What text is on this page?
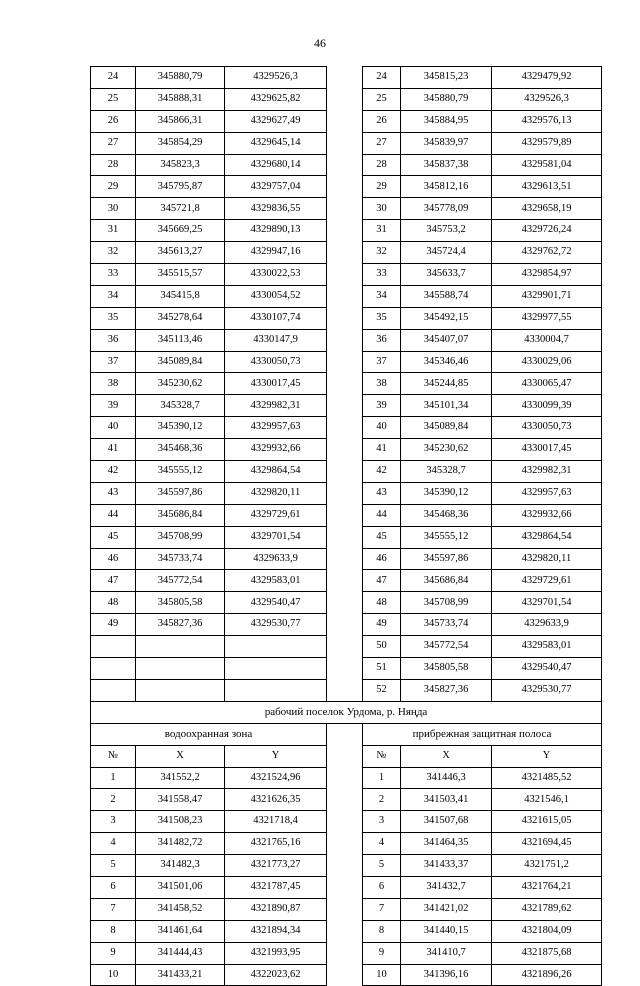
46
24	345880,79	4329526,3		24	345815,23	4329479,92
25	345888,31	4329625,82		25	345880,79	4329526,3
26	345866,31	4329627,49		26	345884,95	4329576,13
27	345854,29	4329645,14		27	345839,97	4329579,89
28	345823,3	4329680,14		28	345837,38	4329581,04
29	345795,87	4329757,04		29	345812,16	4329613,51
30	345721,8	4329836,55		30	345778,09	4329658,19
31	345669,25	4329890,13		31	345753,2	4329726,24
32	345613,27	4329947,16		32	345724,4	4329762,72
33	345515,57	4330022,53		33	345633,7	4329854,97
34	345415,8	4330054,52		34	345588,74	4329901,71
35	345278,64	4330107,74		35	345492,15	4329977,55
36	345113,46	4330147,9		36	345407,07	4330004,7
37	345089,84	4330050,73		37	345346,46	4330029,06
38	345230,62	4330017,45		38	345244,85	4330065,47
39	345328,7	4329982,31		39	345101,34	4330099,39
40	345390,12	4329957,63		40	345089,84	4330050,73
41	345468,36	4329932,66		41	345230,62	4330017,45
42	345555,12	4329864,54		42	345328,7	4329982,31
43	345597,86	4329820,11		43	345390,12	4329957,63
44	345686,84	4329729,61		44	345468,36	4329932,66
45	345708,99	4329701,54		45	345555,12	4329864,54
46	345733,74	4329633,9		46	345597,86	4329820,11
47	345772,54	4329583,01		47	345686,84	4329729,61
48	345805,58	4329540,47		48	345708,99	4329701,54
49	345827,36	4329530,77		49	345733,74	4329633,9
				50	345772,54	4329583,01
				51	345805,58	4329540,47
				52	345827,36	4329530,77
рабочий поселок Урдома, р. Няңда						
водоохранная зона				прибрежная защитная полоса		
№	X	Y		№	X	Y
1	341552,2	4321524,96		1	341446,3	4321485,52
2	341558,47	4321626,35		2	341503,41	4321546,1
3	341508,23	4321718,4		3	341507,68	4321615,05
4	341482,72	4321765,16		4	341464,35	4321694,45
5	341482,3	4321773,27		5	341433,37	4321751,2
6	341501,06	4321787,45		6	341432,7	4321764,21
7	341458,52	4321890,87		7	341421,02	4321789,62
8	341461,64	4321894,34		8	341440,15	4321804,09
9	341444,43	4321993,95		9	341410,7	4321875,68
10	341433,21	4322023,62		10	341396,16	4321896,26
